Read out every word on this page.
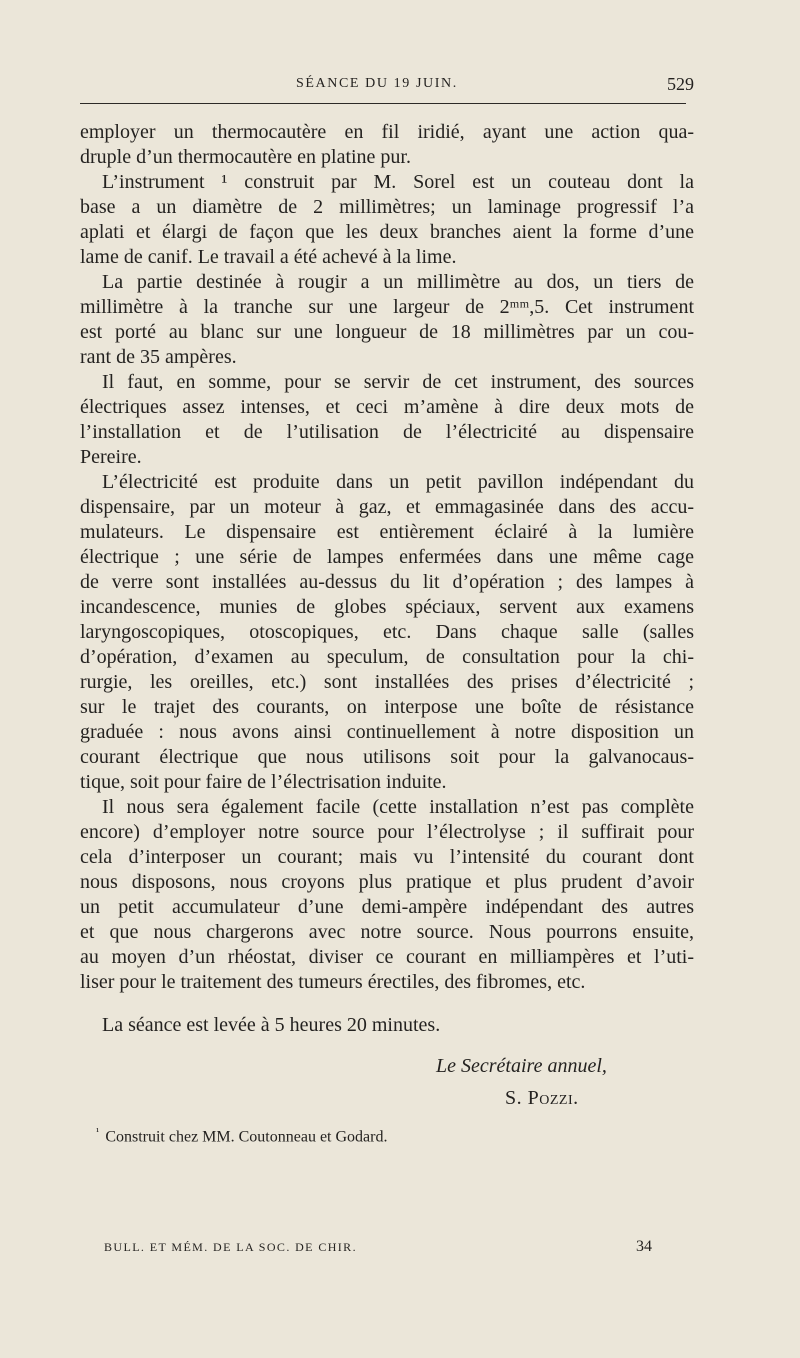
SÉANCE DU 19 JUIN.	529
employer un thermocautère en fil iridié, ayant une action qua-
druple d’un thermocautère en platine pur.
L’instrument ¹ construit par M. Sorel est un couteau dont la
base a un diamètre de 2 millimètres; un laminage progressif l’a
aplati et élargi de façon que les deux branches aient la forme d’une
lame de canif. Le travail a été achevé à la lime.
La partie destinée à rougir a un millimètre au dos, un tiers de
millimètre à la tranche sur une largeur de 2ᵐᵐ,5. Cet instrument
est porté au blanc sur une longueur de 18 millimètres par un cou-
rant de 35 ampères.
Il faut, en somme, pour se servir de cet instrument, des sources
électriques assez intenses, et ceci m’amène à dire deux mots de
l’installation et de l’utilisation de l’électricité au dispensaire
Pereire.
L’électricité est produite dans un petit pavillon indépendant du
dispensaire, par un moteur à gaz, et emmagasinée dans des accu-
mulateurs. Le dispensaire est entièrement éclairé à la lumière
électrique ; une série de lampes enfermées dans une même cage
de verre sont installées au-dessus du lit d’opération ; des lampes à
incandescence, munies de globes spéciaux, servent aux examens
laryngoscopiques, otoscopiques, etc. Dans chaque salle (salles
d’opération, d’examen au speculum, de consultation pour la chi-
rurgie, les oreilles, etc.) sont installées des prises d’électricité ;
sur le trajet des courants, on interpose une boîte de résistance
graduée : nous avons ainsi continuellement à notre disposition un
courant électrique que nous utilisons soit pour la galvanocaus-
tique, soit pour faire de l’électrisation induite.
Il nous sera également facile (cette installation n’est pas complète
encore) d’employer notre source pour l’électrolyse ; il suffirait pour
cela d’interposer un courant; mais vu l’intensité du courant dont
nous disposons, nous croyons plus pratique et plus prudent d’avoir
un petit accumulateur d’une demi-ampère indépendant des autres
et que nous chargerons avec notre source. Nous pourrons ensuite,
au moyen d’un rhéostat, diviser ce courant en milliampères et l’uti-
liser pour le traitement des tumeurs érectiles, des fibromes, etc.
La séance est levée à 5 heures 20 minutes.
Le Secrétaire annuel,
S. Pozzi.
$^{^1}$ Construit chez MM. Coutonneau et Godard.
BULL. ET MÉM. DE LA SOC. DE CHIR.	34
